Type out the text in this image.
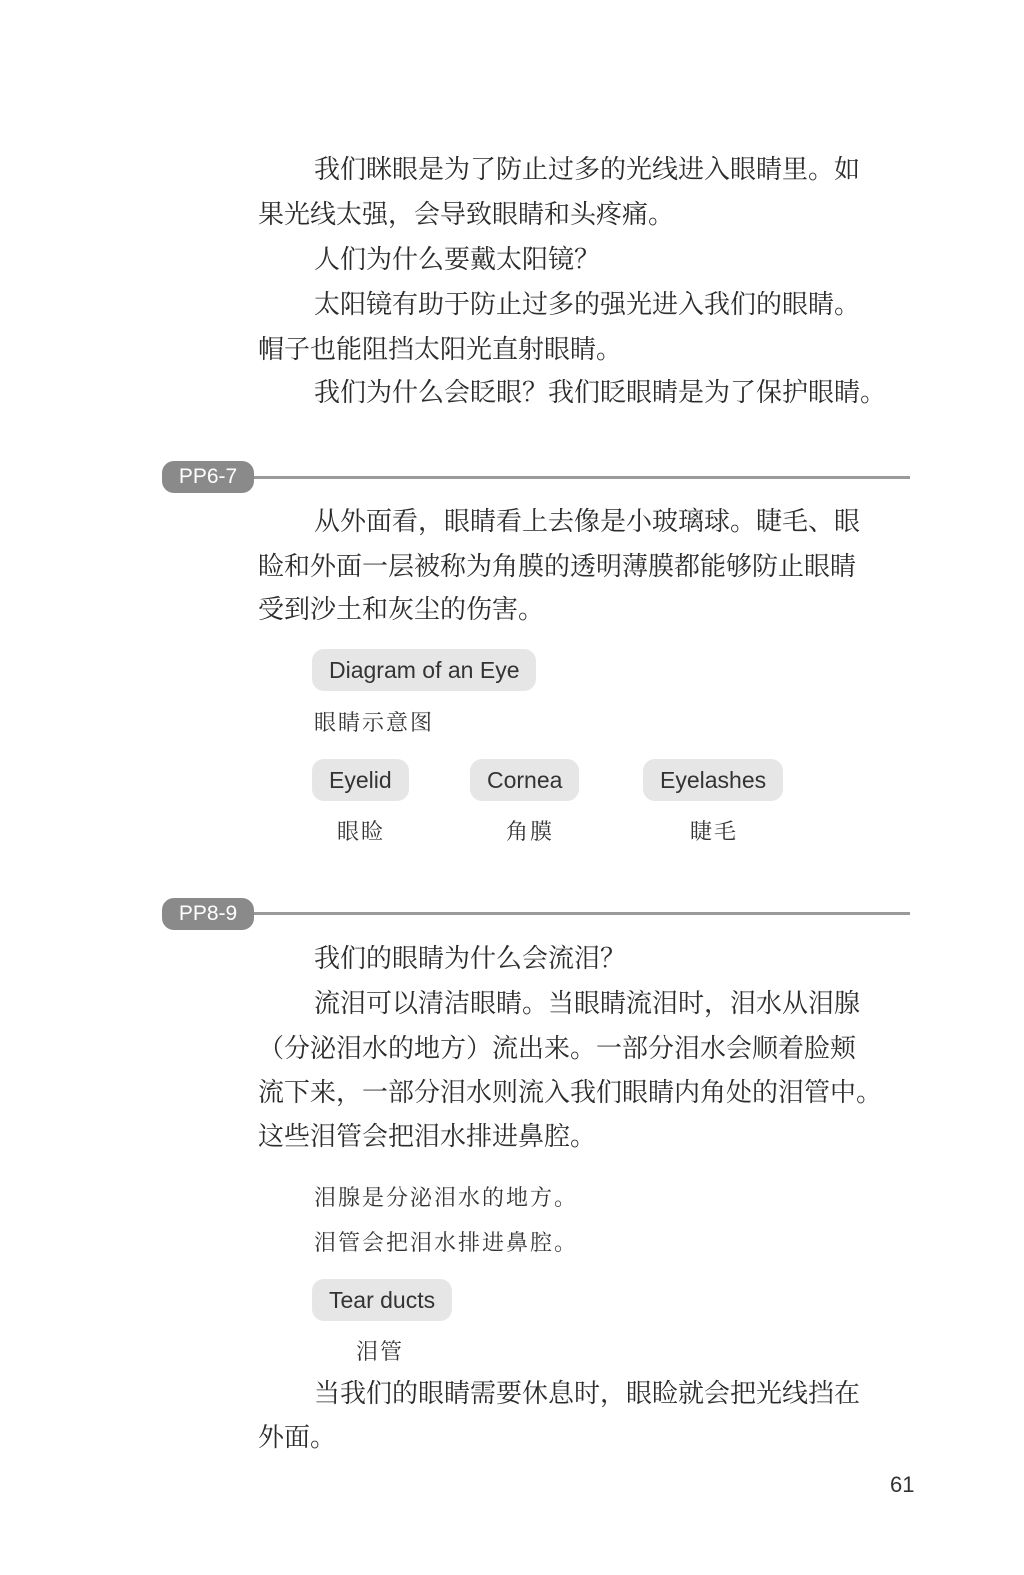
我们眯眼是为了防止过多的光线进入眼睛里。如
果光线太强，会导致眼睛和头疼痛。
人们为什么要戴太阳镜？
太阳镜有助于防止过多的强光进入我们的眼睛。
帽子也能阻挡太阳光直射眼睛。
我们为什么会眨眼？我们眨眼睛是为了保护眼睛。
PP6-7
从外面看，眼睛看上去像是小玻璃球。睫毛、眼
睑和外面一层被称为角膜的透明薄膜都能够防止眼睛
受到沙土和灰尘的伤害。
Diagram of an Eye
眼睛示意图
Eyelid
眼睑
Cornea
角膜
Eyelashes
睫毛
PP8-9
我们的眼睛为什么会流泪？
流泪可以清洁眼睛。当眼睛流泪时，泪水从泪腺
（分泌泪水的地方）流出来。一部分泪水会顺着脸颊
流下来，一部分泪水则流入我们眼睛内角处的泪管中。
这些泪管会把泪水排进鼻腔。
泪腺是分泌泪水的地方。
泪管会把泪水排进鼻腔。
Tear ducts
泪管
当我们的眼睛需要休息时，眼睑就会把光线挡在
外面。
61
